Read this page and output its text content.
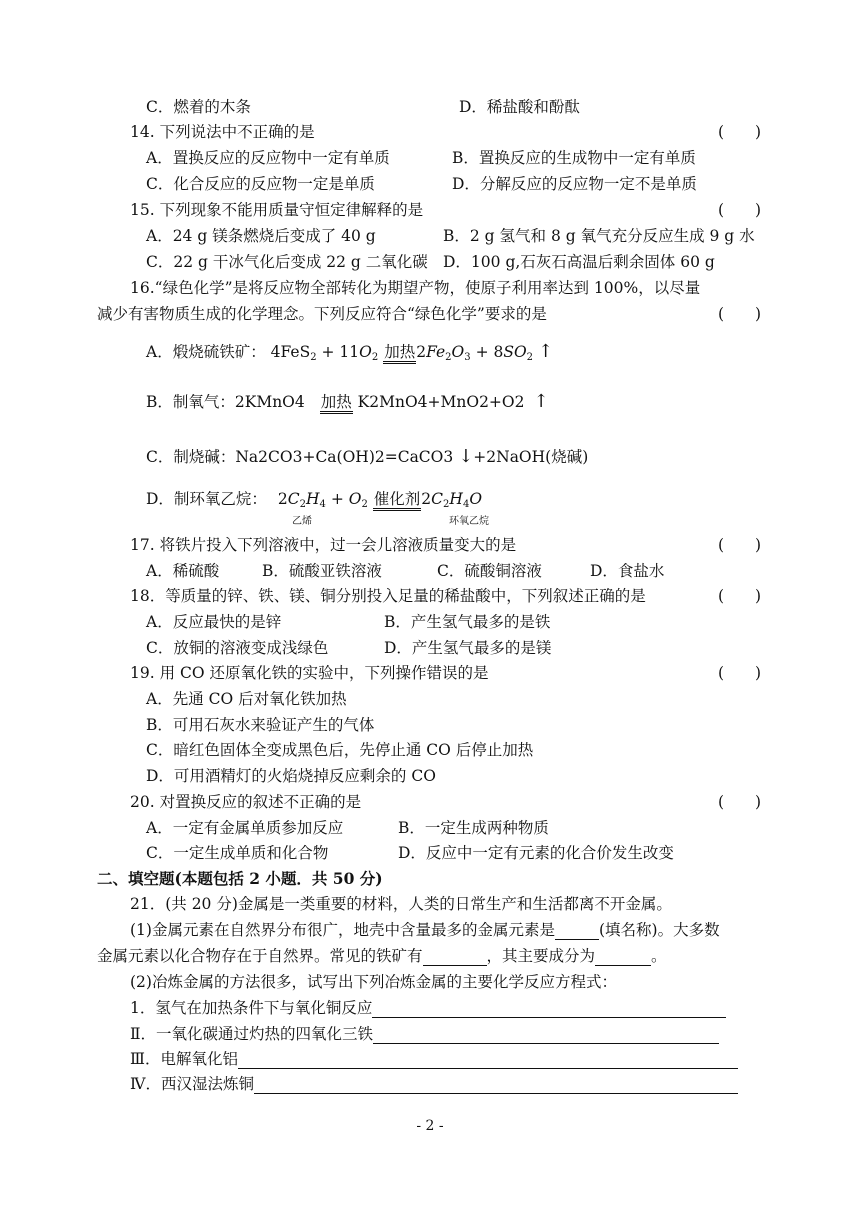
C．燃着的木条	D．稀盐酸和酚酞
14. 下列说法中不正确的是	(　　)
A．置换反应的反应物中一定有单质	B．置换反应的生成物中一定有单质
C．化合反应的反应物一定是单质	D．分解反应的反应物一定不是单质
15. 下列现象不能用质量守恒定律解释的是	(　　)
A．24 g 镁条燃烧后变成了 40 g	B．2 g 氢气和 8 g 氧气充分反应生成 9 g 水
C．22 g 干冰气化后变成 22 g 二氧化碳 D．100 g,石灰石高温后剩余固体 60 g
16.“绿色化学”是将反应物全部转化为期望产物，使原子利用率达到 100%，以尽量
减少有害物质生成的化学理念。下列反应符合“绿色化学”要求的是	(　　)
A．煅烧硫铁矿： $4FeS_2 + 11O_2$ 加热$2Fe_2O_3 + 8SO_2$ ↑
B．制氧气：2KMnO4 加热 K2MnO4+MnO2+O2 ↑
C．制烧碱：Na2CO3+Ca(OH)2=CaCO3 ↓+2NaOH(烧碱)
D．制环氧乙烷： $2C_2H_4 + O_2$ 催化剂$2C_2H_4O$
乙烯	环氧乙烷
17. 将铁片投入下列溶液中，过一会儿溶液质量变大的是	(　　)
A．稀硫酸	B．硫酸亚铁溶液	C．硫酸铜溶液	D．食盐水
18．等质量的锌、铁、镁、铜分别投入足量的稀盐酸中，下列叙述正确的是	(　　)
A．反应最快的是锌	B．产生氢气最多的是铁
C．放铜的溶液变成浅绿色	D．产生氢气最多的是镁
19. 用 CO 还原氧化铁的实验中，下列操作错误的是	(　　)
A．先通 CO 后对氧化铁加热
B．可用石灰水来验证产生的气体
C．暗红色固体全变成黑色后，先停止通 CO 后停止加热
D．可用酒精灯的火焰烧掉反应剩余的 CO
20. 对置换反应的叙述不正确的是	(　　)
A．一定有金属单质参加反应	B．一定生成两种物质
C．一定生成单质和化合物	D．反应中一定有元素的化合价发生改变
二、填空题(本题包括 2 小题．共 50 分)
21．(共 20 分)金属是一类重要的材料，人类的日常生产和生活都离不开金属。
(1)金属元素在自然界分布很广，地壳中含量最多的金属元素是	(填名称)。大多数
金属元素以化合物存在于自然界。常见的铁矿有	，其主要成分为	。
(2)冶炼金属的方法很多，试写出下列冶炼金属的主要化学反应方程式：
1．氢气在加热条件下与氧化铜反应
Ⅱ．一氧化碳通过灼热的四氧化三铁
Ⅲ．电解氧化铝
Ⅳ．西汉湿法炼铜
- 2 -
